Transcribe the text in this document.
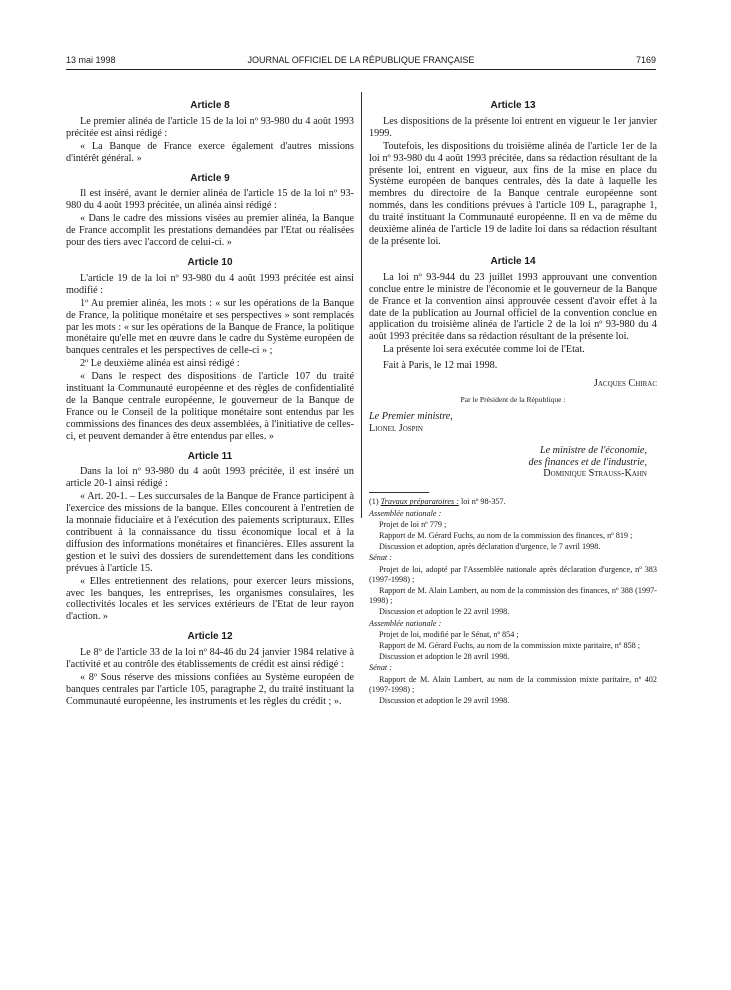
13 mai 1998	JOURNAL OFFICIEL DE LA RÉPUBLIQUE FRANÇAISE	7169
Article 8

Le premier alinéa de l'article 15 de la loi nº 93-980 du 4 août 1993 précitée est ainsi rédigé :

« La Banque de France exerce également d'autres missions d'intérêt général. »

Article 9

Il est inséré, avant le dernier alinéa de l'article 15 de la loi nº 93-980 du 4 août 1993 précitée, un alinéa ainsi rédigé :

« Dans le cadre des missions visées au premier alinéa, la Banque de France accomplit les prestations demandées par l'Etat ou réalisées pour des tiers avec l'accord de celui-ci. »

Article 10

L'article 19 de la loi nº 93-980 du 4 août 1993 précitée est ainsi modifié :

1º Au premier alinéa, les mots : « sur les opérations de la Banque de France, la politique monétaire et ses perspectives » sont remplacés par les mots : « sur les opérations de la Banque de France, la politique monétaire qu'elle met en œuvre dans le cadre du Système européen de banques centrales et les perspectives de celle-ci » ;

2º Le deuxième alinéa est ainsi rédigé :

« Dans le respect des dispositions de l'article 107 du traité instituant la Communauté européenne et des règles de confidentialité de la Banque centrale européenne, le gouverneur de la Banque de France ou le Conseil de la politique monétaire sont entendus par les commissions des finances des deux assemblées, à l'initiative de celles-ci, et peuvent demander à être entendus par elles. »

Article 11

Dans la loi nº 93-980 du 4 août 1993 précitée, il est inséré un article 20-1 ainsi rédigé :

« Art. 20-1. – Les succursales de la Banque de France participent à l'exercice des missions de la banque. Elles concourent à l'entretien de la monnaie fiduciaire et à l'exécution des paiements scripturaux. Elles contribuent à la connaissance du tissu économique local et à la diffusion des informations monétaires et financières. Elles assurent la gestion et le suivi des dossiers de surendettement dans les conditions prévues à l'article 15.

« Elles entretiennent des relations, pour exercer leurs missions, avec les banques, les entreprises, les organismes consulaires, les collectivités locales et les services extérieurs de l'Etat de leur rayon d'action. »

Article 12

Le 8º de l'article 33 de la loi nº 84-46 du 24 janvier 1984 relative à l'activité et au contrôle des établissements de crédit est ainsi rédigé :

« 8º Sous réserve des missions confiées au Système européen de banques centrales par l'article 105, paragraphe 2, du traité instituant la Communauté européenne, les instruments et les règles du crédit ; ».

Article 13

Les dispositions de la présente loi entrent en vigueur le 1er janvier 1999.

Toutefois, les dispositions du troisième alinéa de l'article 1er de la loi nº 93-980 du 4 août 1993 précitée, dans sa rédaction résultant de la présente loi, entrent en vigueur, aux fins de la mise en place du Système européen de banques centrales, dès la date à laquelle les membres du directoire de la Banque centrale européenne sont nommés, dans les conditions prévues à l'article 109 L, paragraphe 1, du traité instituant la Communauté européenne. Il en va de même du deuxième alinéa de l'article 19 de ladite loi dans sa rédaction résultant de la présente loi.

Article 14

La loi nº 93-944 du 23 juillet 1993 approuvant une convention conclue entre le ministre de l'économie et le gouverneur de la Banque de France et la convention ainsi approuvée cessent d'avoir effet à la date de la publication au Journal officiel de la convention conclue en application du troisième alinéa de l'article 2 de la loi nº 93-980 du 4 août 1993 précitée dans sa rédaction résultant de la présente loi.

La présente loi sera exécutée comme loi de l'Etat.

Fait à Paris, le 12 mai 1998.

Jacques Chirac
Par le Président de la République :
Le Premier ministre,
Lionel Jospin
Le ministre de l'économie,
des finances et de l'industrie,
Dominique Strauss-Kahn

(1) Travaux préparatoires : loi nº 98-357.

Assemblée nationale :

Projet de loi nº 779 ;

Rapport de M. Gérard Fuchs, au nom de la commission des finances, nº 819 ;

Discussion et adoption, après déclaration d'urgence, le 7 avril 1998.

Sénat :

Projet de loi, adopté par l'Assemblée nationale après déclaration d'urgence, nº 383 (1997-1998) ;

Rapport de M. Alain Lambert, au nom de la commission des finances, nº 388 (1997-1998) ;

Discussion et adoption le 22 avril 1998.

Assemblée nationale :

Projet de loi, modifié par le Sénat, nº 854 ;

Rapport de M. Gérard Fuchs, au nom de la commission mixte paritaire, nº 858 ;

Discussion et adoption le 28 avril 1998.

Sénat :

Rapport de M. Alain Lambert, au nom de la commission mixte paritaire, nº 402 (1997-1998) ;

Discussion et adoption le 29 avril 1998.
